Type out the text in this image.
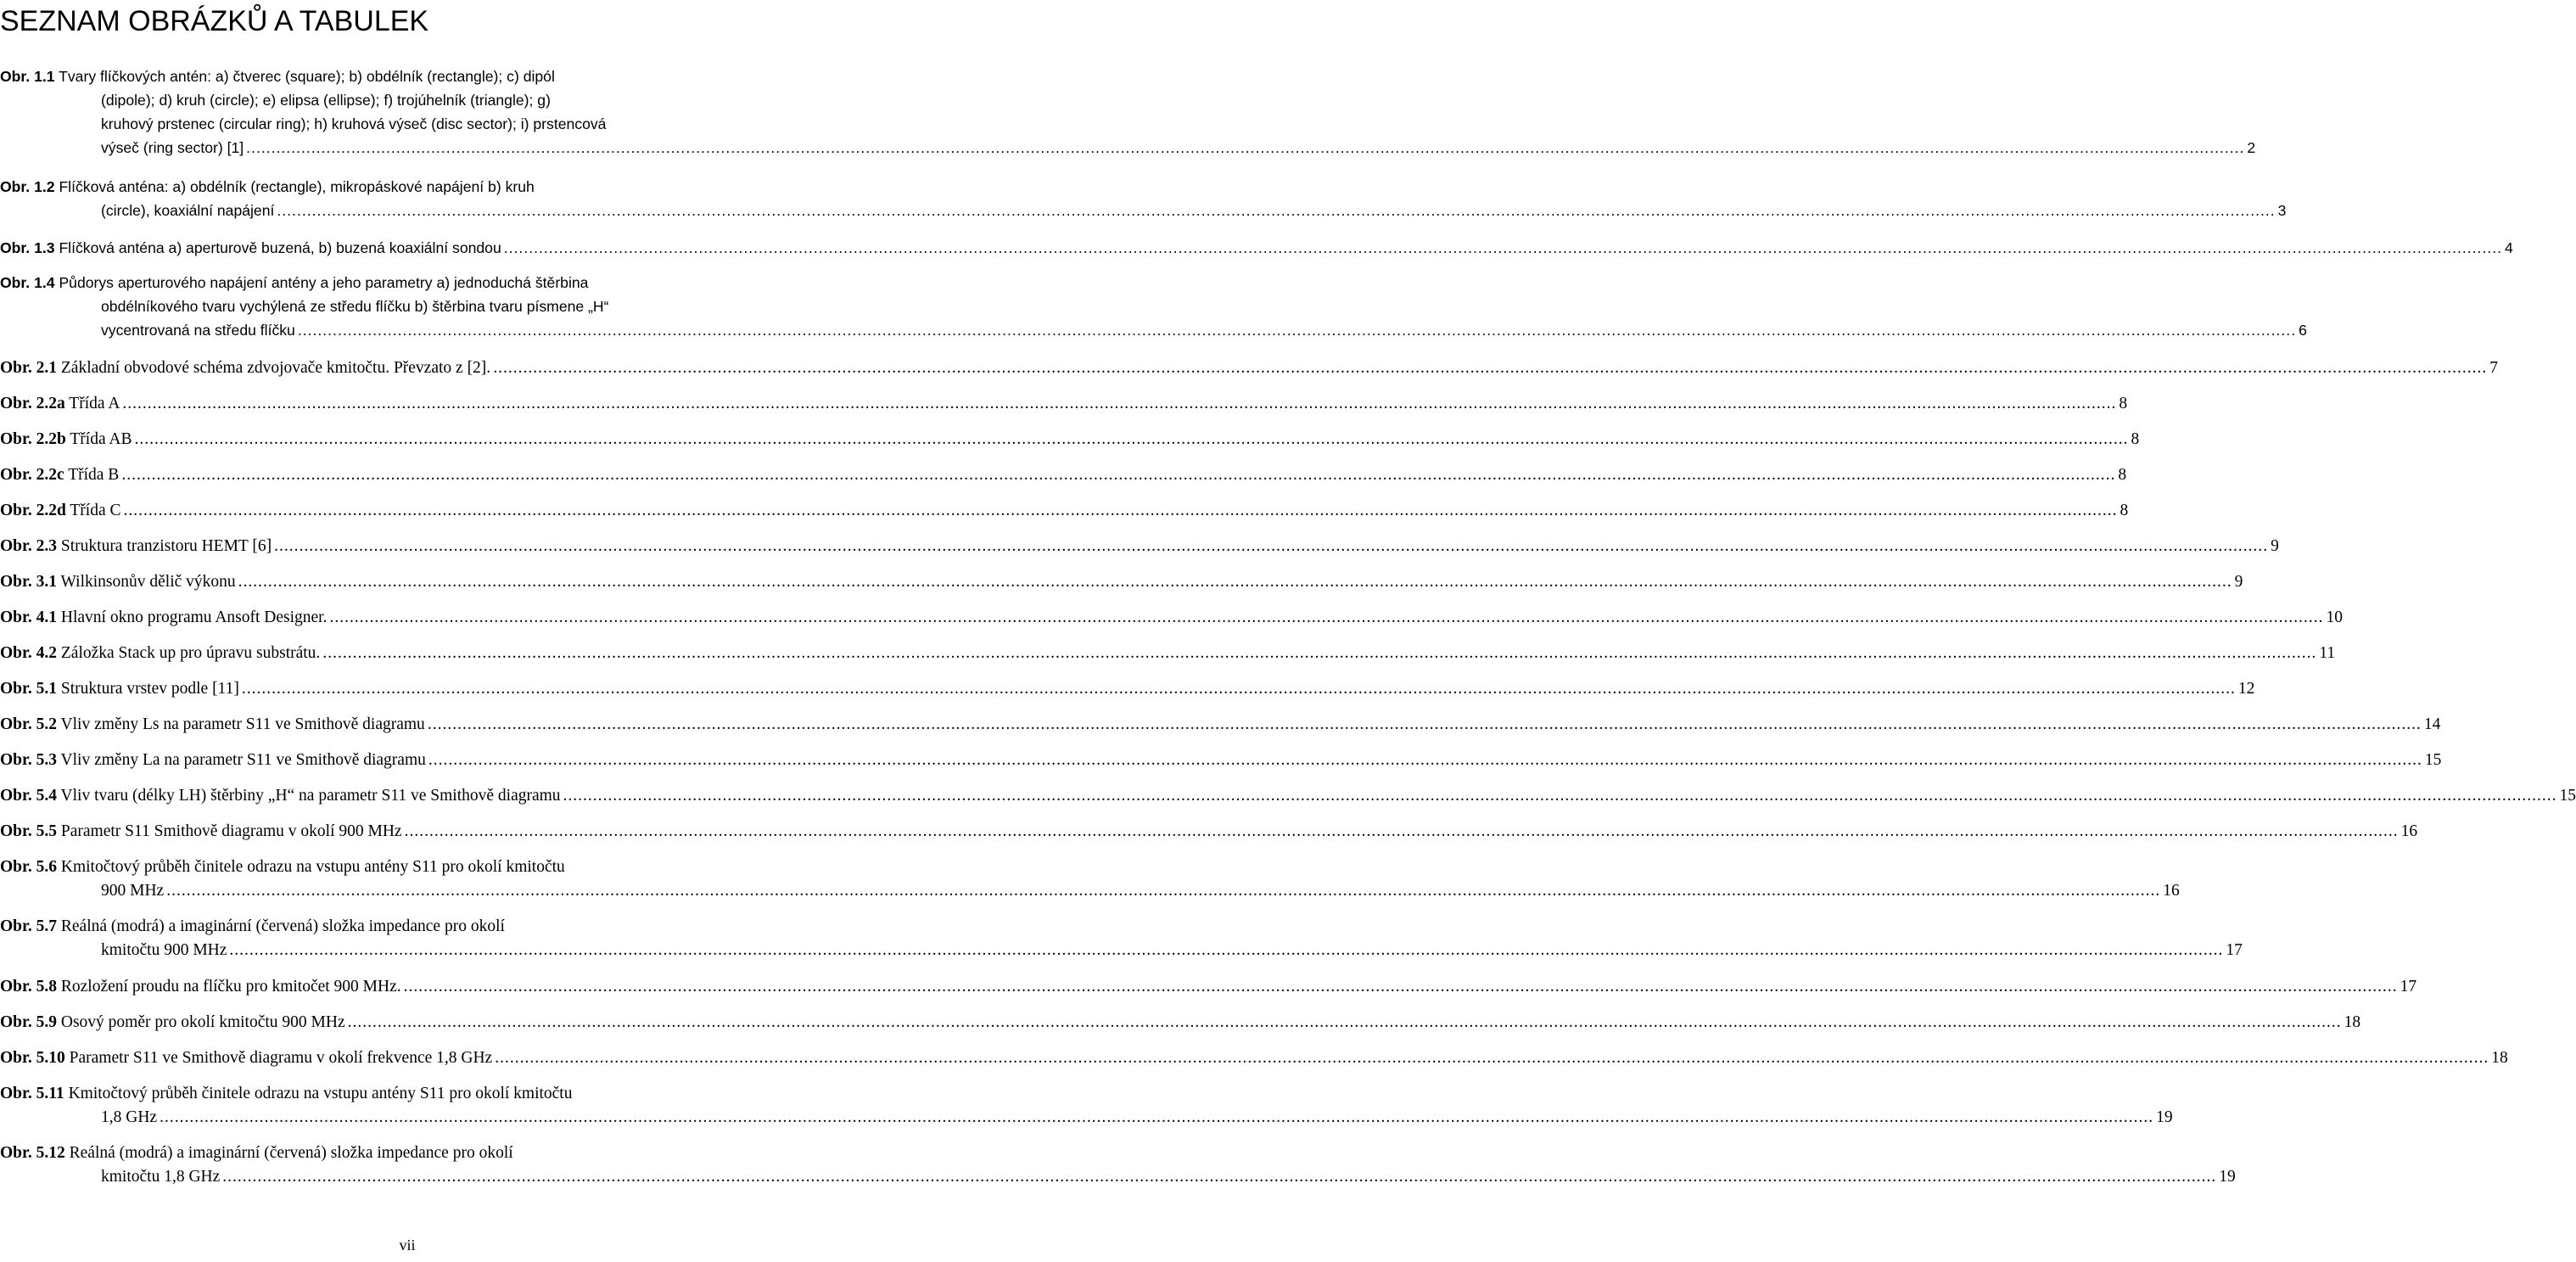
SEZNAM OBRÁZKŮ A TABULEK
Obr. 1.1 Tvary flíčkových antén: a) čtverec (square); b) obdélník (rectangle); c) dipól
(dipole); d) kruh (circle); e) elipsa (ellipse); f) trojúhelník (triangle); g)
kruhový prstenec (circular ring); h) kruhová výseč (disc sector); i) prstencová
výseč (ring sector) [1] ................................................................................................................................................................................................................................................................................................................................................................................................................ 2
Obr. 1.2 Flíčková anténa: a) obdélník (rectangle), mikropáskové napájení b) kruh
(circle), koaxiální napájení ................................................................................................................................................................................................................................................................................................................................................................................................................ 3
Obr. 1.3 Flíčková anténa a) aperturově buzená, b) buzená koaxiální sondou ................................................................................................................................................................................................................................................................................................................................................................................................................ 4
Obr. 1.4 Půdorys aperturového napájení antény a jeho parametry a) jednoduchá štěrbina
obdélníkového tvaru vychýlená ze středu flíčku b) štěrbina tvaru písmene „H“
vycentrovaná na středu flíčku ................................................................................................................................................................................................................................................................................................................................................................................................................ 6
Obr. 2.1 Základní obvodové schéma zdvojovače kmitočtu. Převzato z [2]. ................................................................................................................................................................................................................................................................................................................................................................................................................ 7
Obr. 2.2a Třída A ................................................................................................................................................................................................................................................................................................................................................................................................................ 8
Obr. 2.2b Třída AB ................................................................................................................................................................................................................................................................................................................................................................................................................ 8
Obr. 2.2c Třída B ................................................................................................................................................................................................................................................................................................................................................................................................................ 8
Obr. 2.2d Třída C ................................................................................................................................................................................................................................................................................................................................................................................................................ 8
Obr. 2.3 Struktura tranzistoru HEMT [6] ................................................................................................................................................................................................................................................................................................................................................................................................................ 9
Obr. 3.1 Wilkinsonův dělič výkonu ................................................................................................................................................................................................................................................................................................................................................................................................................ 9
Obr. 4.1 Hlavní okno programu Ansoft Designer. ................................................................................................................................................................................................................................................................................................................................................................................................................ 10
Obr. 4.2 Záložka Stack up pro úpravu substrátu. ................................................................................................................................................................................................................................................................................................................................................................................................................ 11
Obr. 5.1 Struktura vrstev podle [11] ................................................................................................................................................................................................................................................................................................................................................................................................................ 12
Obr. 5.2 Vliv změny Ls na parametr S11 ve Smithově diagramu ................................................................................................................................................................................................................................................................................................................................................................................................................ 14
Obr. 5.3 Vliv změny La na parametr S11 ve Smithově diagramu ................................................................................................................................................................................................................................................................................................................................................................................................................ 15
Obr. 5.4 Vliv tvaru (délky LH) štěrbiny „H“ na parametr S11 ve Smithově diagramu ................................................................................................................................................................................................................................................................................................................................................................................................................ 15
Obr. 5.5 Parametr S11 Smithově diagramu v okolí 900 MHz ................................................................................................................................................................................................................................................................................................................................................................................................................ 16
Obr. 5.6 Kmitočtový průběh činitele odrazu na vstupu antény S11 pro okolí kmitočtu
900 MHz ................................................................................................................................................................................................................................................................................................................................................................................................................ 16
Obr. 5.7 Reálná (modrá) a imaginární (červená) složka impedance pro okolí
kmitočtu 900 MHz ................................................................................................................................................................................................................................................................................................................................................................................................................ 17
Obr. 5.8 Rozložení proudu na flíčku pro kmitočet 900 MHz. ................................................................................................................................................................................................................................................................................................................................................................................................................ 17
Obr. 5.9 Osový poměr pro okolí kmitočtu 900 MHz ................................................................................................................................................................................................................................................................................................................................................................................................................ 18
Obr. 5.10 Parametr S11 ve Smithově diagramu v okolí frekvence 1,8 GHz ................................................................................................................................................................................................................................................................................................................................................................................................................ 18
Obr. 5.11 Kmitočtový průběh činitele odrazu na vstupu antény S11 pro okolí kmitočtu
1,8 GHz ................................................................................................................................................................................................................................................................................................................................................................................................................ 19
Obr. 5.12 Reálná (modrá) a imaginární (červená) složka impedance pro okolí
kmitočtu 1,8 GHz ................................................................................................................................................................................................................................................................................................................................................................................................................ 19
vii
